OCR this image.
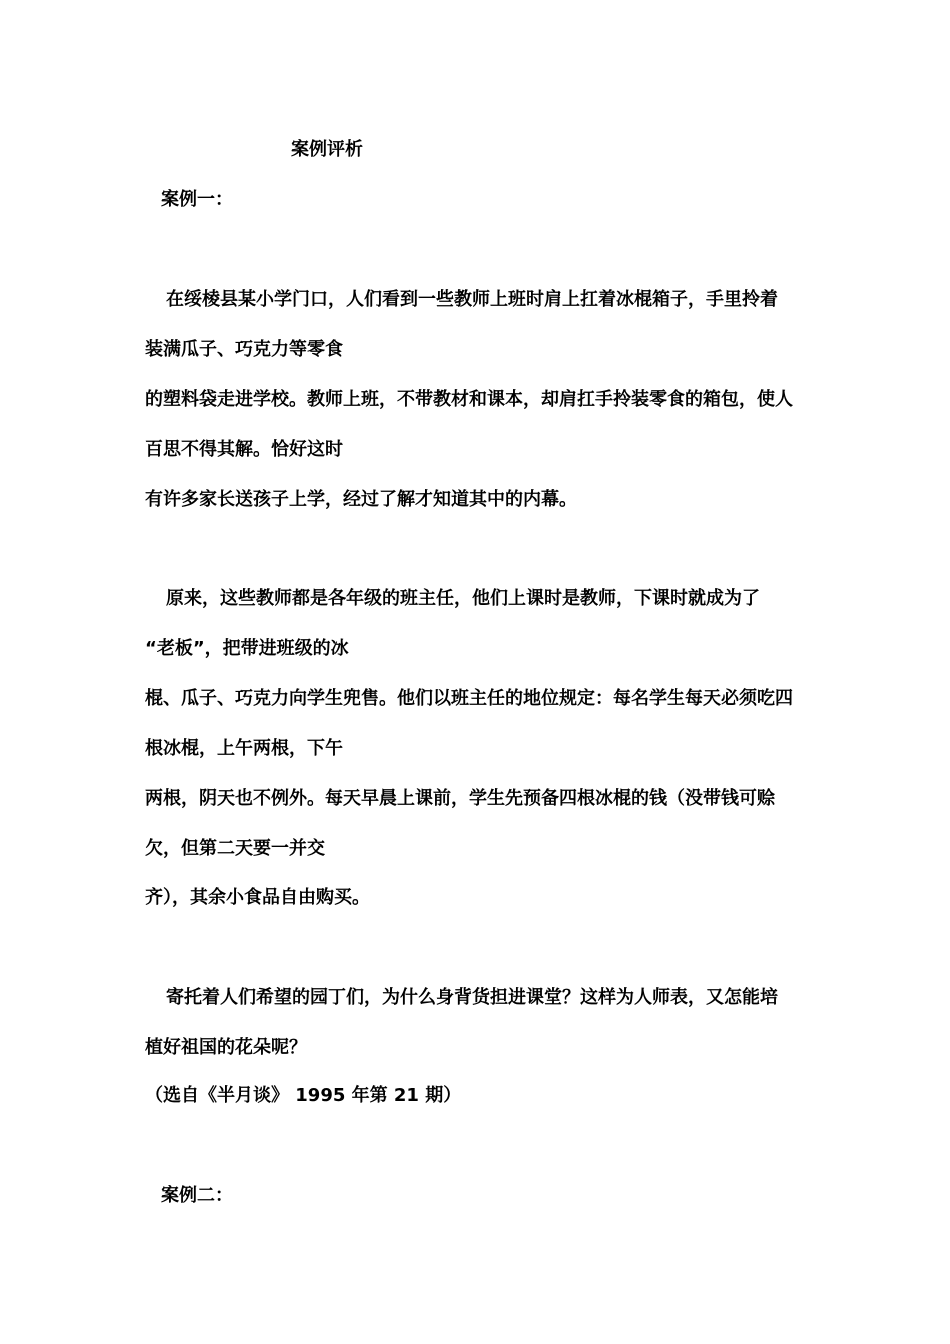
案例评析
案例一：
在绥棱县某小学门口，人们看到一些教师上班时肩上扛着冰棍箱子，手里拎着
装满瓜子、巧克力等零食
的塑料袋走进学校。教师上班，不带教材和课本，却肩扛手拎装零食的箱包，使人
百思不得其解。恰好这时
有许多家长送孩子上学，经过了解才知道其中的内幕。
原来，这些教师都是各年级的班主任，他们上课时是教师，下课时就成为了
“老板”，把带进班级的冰
棍、瓜子、巧克力向学生兜售。他们以班主任的地位规定：每名学生每天必须吃四
根冰棍，上午两根，下午
两根，阴天也不例外。每天早晨上课前，学生先预备四根冰棍的钱（没带钱可赊
欠，但第二天要一并交
齐），其余小食品自由购买。
寄托着人们希望的园丁们，为什么身背货担进课堂？这样为人师表，又怎能培
植好祖国的花朵呢？
（选自《半月谈》 1995 年第 21 期）
案例二：
